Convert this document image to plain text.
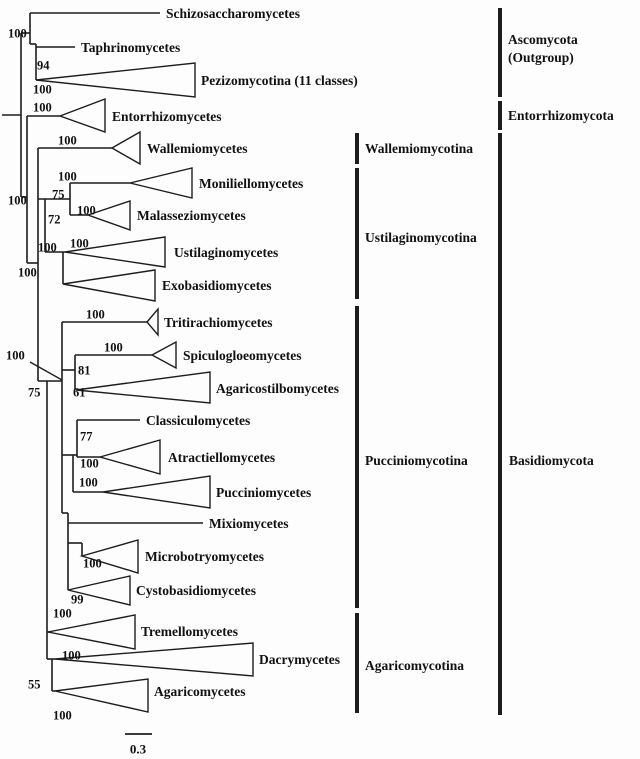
Schizosaccharomycetes
Taphrinomycetes
Pezizomycotina (11 classes)
Entorrhizomycetes
Wallemiomycetes
Moniliellomycetes
Malasseziomycetes
Ustilaginomycetes
Exobasidiomycetes
Tritirachiomycetes
Spiculogloeomycetes
Agaricostilbomycetes
Classiculomycetes
Atractiellomycetes
Pucciniomycetes
Mixiomycetes
Microbotryomycetes
Cystobasidiomycetes
Tremellomycetes
Dacrymycetes
Agaricomycetes
100
94
100
100
100
100
75
100
100
72
100
100
100
100
100
100
81
61
75
77
100
100
100
99
100
100
55
100
Wallemiomycotina
Ustilaginomycotina
Pucciniomycotina
Agaricomycotina
Ascomycota
(Outgroup)
Entorrhizomycota
Basidiomycota
0.3
